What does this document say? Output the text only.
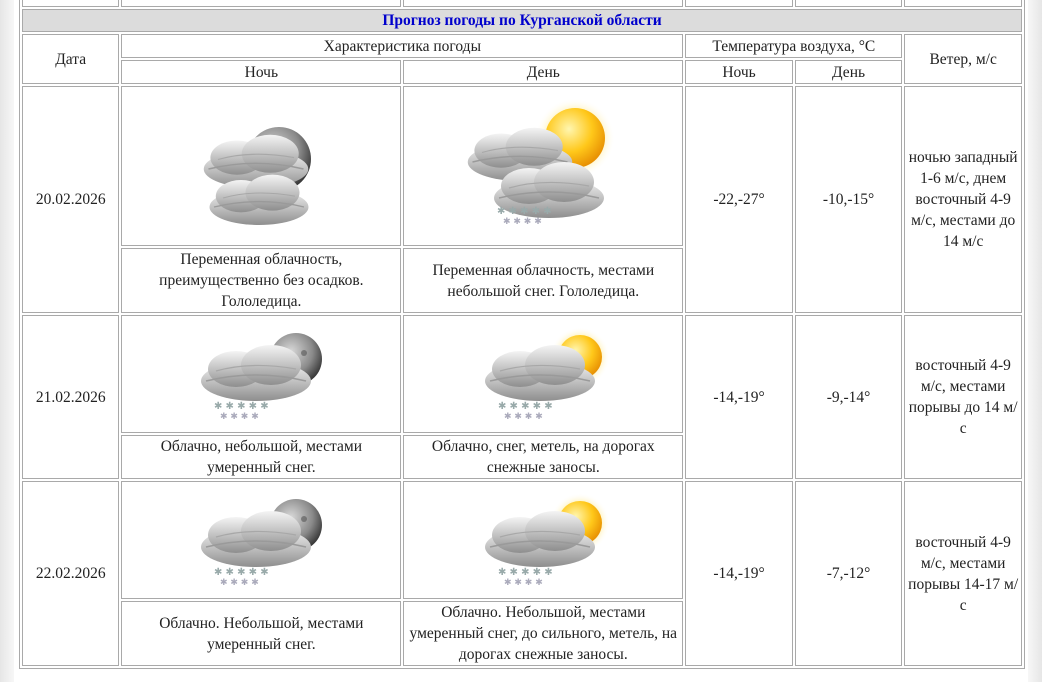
Прогноз погоды по Курганской области					
Дата	Характеристика погоды		Температура воздуха, °С		Ветер, м/с
	Ночь	День	Ночь	День	
20.02.2026			-22,-27°	-10,-15°	ночью западный 1-6 м/с, днем восточный 4-9 м/с, местами до 14 м/с
	Переменная облачность, преимущественно без осадков. Гололедица.	Переменная облачность, местами небольшой снег. Гололедица.			
21.02.2026			-14,-19°	-9,-14°	восточный 4-9 м/с, местами порывы до 14 м/с
	Облачно, небольшой, местами умеренный снег.	Облачно, снег, метель, на дорогах снежные заносы.			
22.02.2026			-14,-19°	-7,-12°	восточный 4-9 м/с, местами порывы 14-17 м/с
	Облачно. Небольшой, местами умеренный снег.	Облачно. Небольшой, местами умеренный снег, до сильного, метель, на дорогах снежные заносы.			
